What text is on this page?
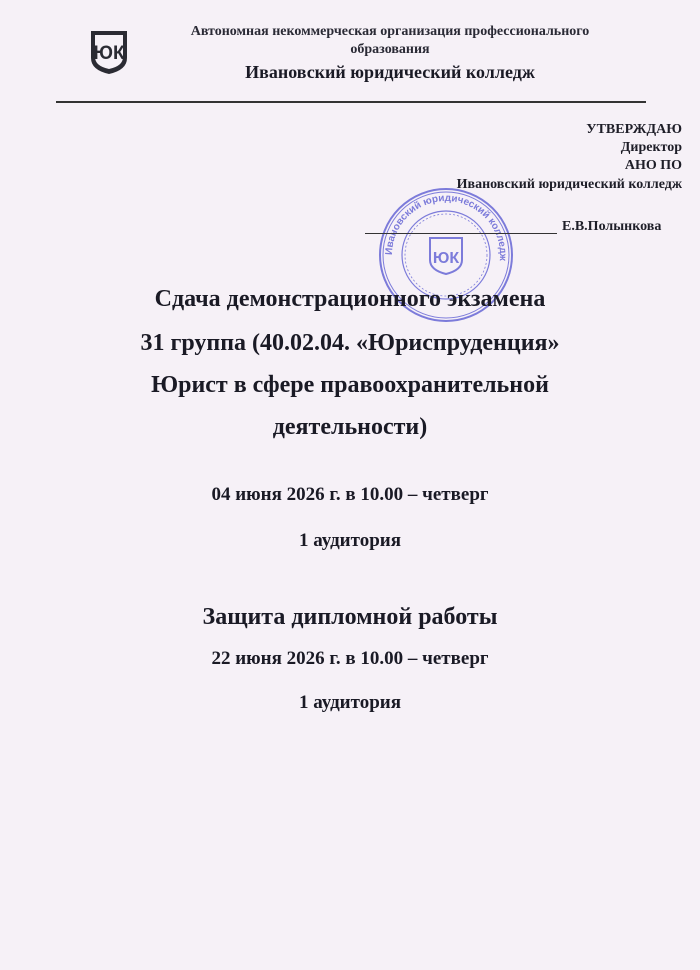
ЮК
Автономная некоммерческая организация профессионального
образования
Ивановский юридический колледж
Ивановский юридический колледж
ЮК
УТВЕРЖДАЮ
Директор
АНО ПО
Ивановский юридический колледж
Е.В.Полынкова
Сдача демонстрационного экзамена
31 группа (40.02.04. «Юриспруденция»
Юрист в сфере правоохранительной
деятельности)
04 июня 2026 г. в 10.00 – четверг
1 аудитория
Защита дипломной работы
22 июня 2026 г. в 10.00 – четверг
1 аудитория
